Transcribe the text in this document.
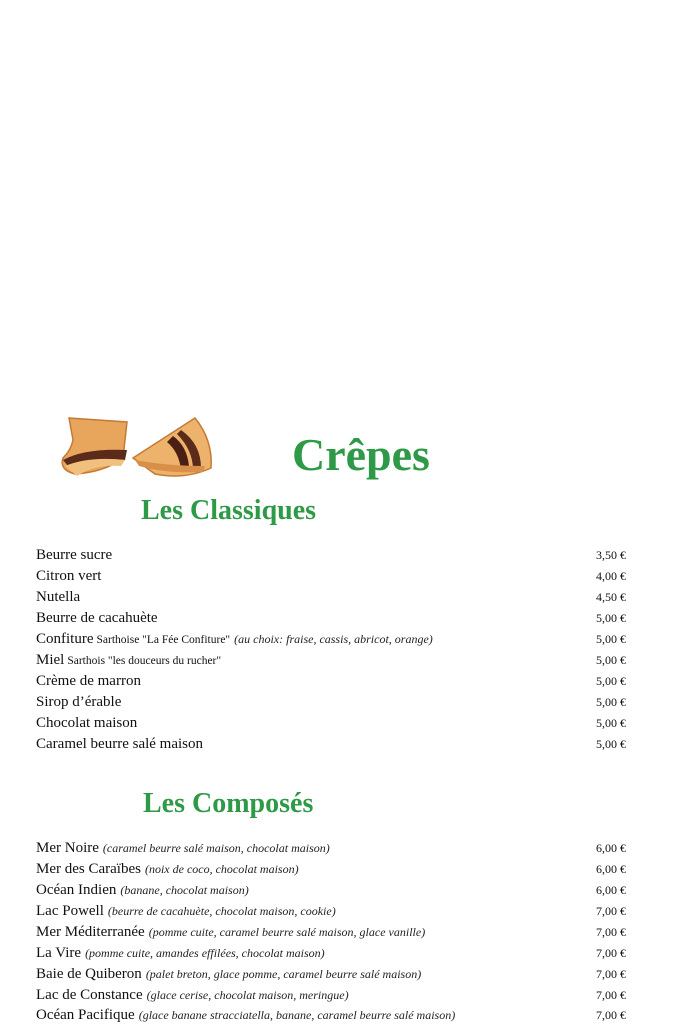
Crêpes
Les Classiques
Beurre sucre	3,50 €
Citron vert	4,00 €
Nutella	4,50 €
Beurre de cacahuète	5,00 €
Confiture Sarthoise "La Fée Confiture" (au choix: fraise, cassis, abricot, orange)	5,00 €
Miel Sarthois "les douceurs du rucher"	5,00 €
Crème de marron	5,00 €
Sirop d’érable	5,00 €
Chocolat maison	5,00 €
Caramel beurre salé maison	5,00 €
Les Composés
Mer Noire (caramel beurre salé maison, chocolat maison)	6,00 €
Mer des Caraïbes (noix de coco, chocolat maison)	6,00 €
Océan Indien (banane, chocolat maison)	6,00 €
Lac Powell (beurre de cacahuète, chocolat maison, cookie)	7,00 €
Mer Méditerranée (pomme cuite, caramel beurre salé maison, glace vanille)	7,00 €
La Vire (pomme cuite, amandes effilées, chocolat maison)	7,00 €
Baie de Quiberon (palet breton, glace pomme, caramel beurre salé maison)	7,00 €
Lac de Constance (glace cerise, chocolat maison, meringue)	7,00 €
Océan Pacifique (glace banane stracciatella, banane, caramel beurre salé maison)	7,00 €
